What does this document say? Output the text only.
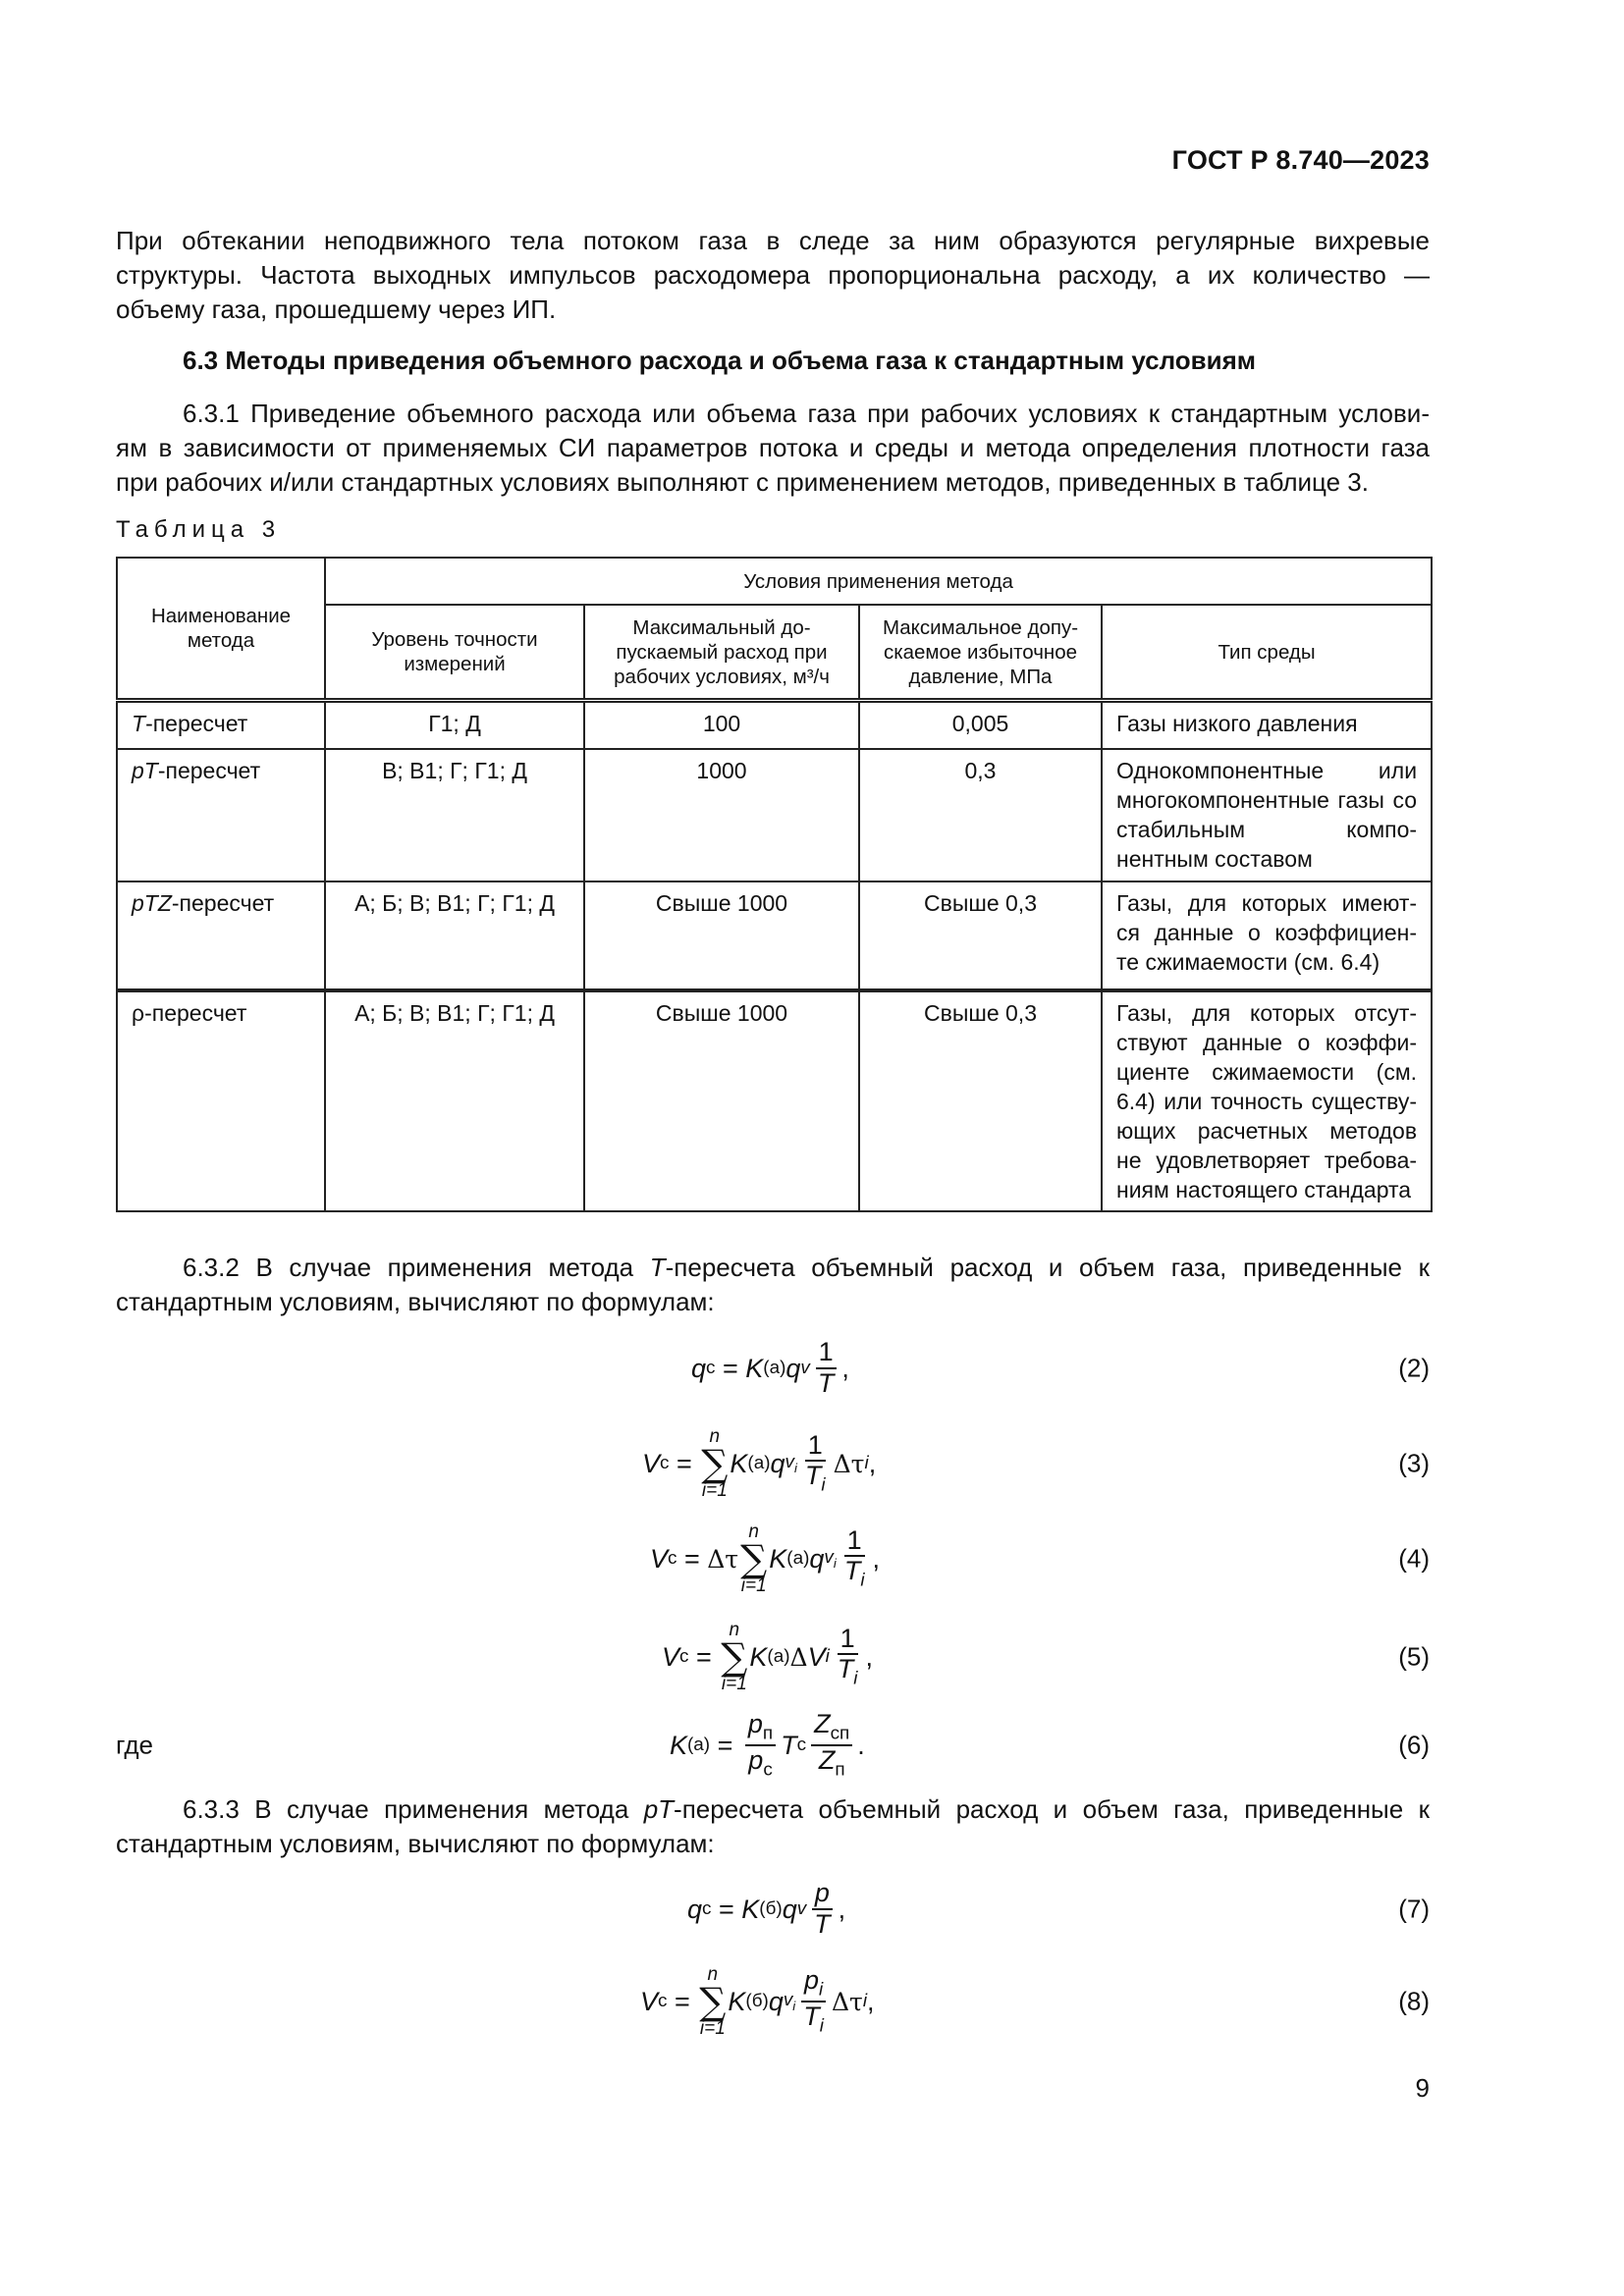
ГОСТ Р 8.740—2023
При обтекании неподвижного тела потоком газа в следе за ним образуются регулярные вихревые
структуры. Частота выходных импульсов расходомера пропорциональна расходу, а их количество —
объему газа, прошедшему через ИП.
6.3 Методы приведения объемного расхода и объема газа к стандартным условиям
6.3.1 Приведение объемного расхода или объема газа при рабочих условиях к стандартным услови-
ям в зависимости от применяемых СИ параметров потока и среды и метода определения плотности газа
при рабочих и/или стандартных условиях выполняют с применением методов, приведенных в таблице 3.
Таблица 3
Наименование метода	Условия применения метода			
	Уровень точности измерений	Максимальный до- пускаемый расход при рабочих условиях, м³/ч	Максимальное допу- скаемое избыточное давление, МПа	Тип среды
T-пересчет	Г1; Д	100	0,005	Газы низкого давления
pT-пересчет	В; В1; Г; Г1; Д	1000	0,3	Однокомпонентные или многокомпонентные газы со стабильным компо- нентным составом
pTZ-пересчет	А; Б; В; В1; Г; Г1; Д	Свыше 1000	Свыше 0,3	Газы, для которых имеют- ся данные о коэффициен- те сжимаемости (см. 6.4)
ρ-пересчет	А; Б; В; В1; Г; Г1; Д	Свыше 1000	Свыше 0,3	Газы, для которых отсут- ствуют данные о коэффи- циенте сжимаемости (см. 6.4) или точность существу- ющих расчетных методов не удовлетворяет требова- ниям настоящего стандарта
6.3.2 В случае применения метода T-пересчета объемный расход и объем газа, приведенные к
стандартным условиям, вычисляют по формулам:
q с = K (а) q v $\frac{1}{T}$ ,	(2)
V с =
n
∑
i=1
K (а) q $v_i \frac{1}{T_i}$ Δτ i ,	(3)
V с = Δτ
n
∑
i=1
K (а) q $v_i \frac{1}{T_i}$ ,	(4)
V с =
n
∑
i=1
K (а) Δ V i $\frac{1}{T_i}$ ,	(5)
где	K $(а) = \frac{p_п}{p_с}$ T с $\frac{Z_{сп}}{Z_п}$ .	(6)
6.3.3 В случае применения метода pT-пересчета объемный расход и объем газа, приведенные к
стандартным условиям, вычисляют по формулам:
q с = K (б) q v $\frac{p}{T}$ ,	(7)
V с =
n
∑
i=1
K (б) q $v_i \frac{p_i}{T_i}$ Δτ i ,	(8)
9
